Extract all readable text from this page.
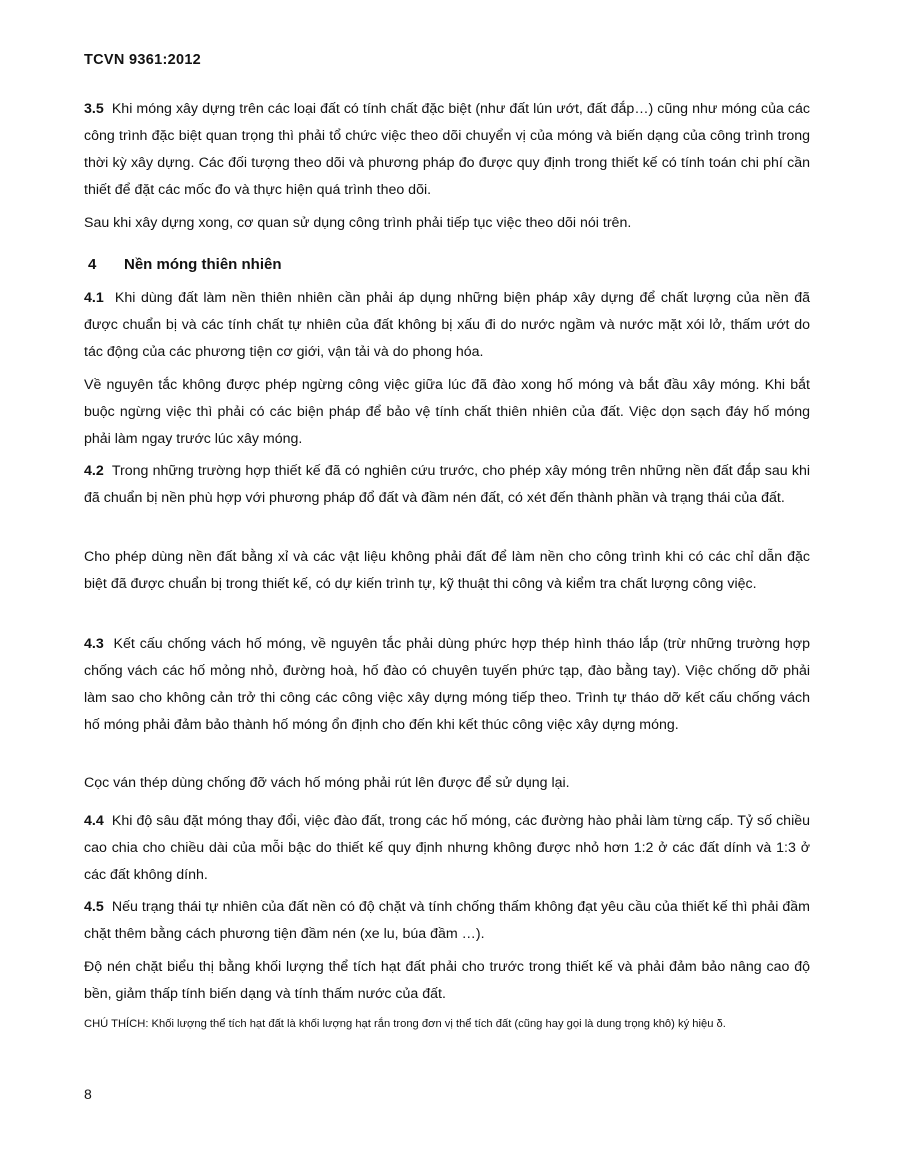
TCVN 9361:2012
3.5 Khi móng xây dựng trên các loại đất có tính chất đặc biệt (như đất lún ướt, đất đắp…) cũng như móng của các công trình đặc biệt quan trọng thì phải tổ chức việc theo dõi chuyển vị của móng và biến dạng của công trình trong thời kỳ xây dựng. Các đối tượng theo dõi và phương pháp đo được quy định trong thiết kế có tính toán chi phí cần thiết để đặt các mốc đo và thực hiện quá trình theo dõi.
Sau khi xây dựng xong, cơ quan sử dụng công trình phải tiếp tục việc theo dõi nói trên.
4 Nền móng thiên nhiên
4.1 Khi dùng đất làm nền thiên nhiên cần phải áp dụng những biện pháp xây dựng để chất lượng của nền đã được chuẩn bị và các tính chất tự nhiên của đất không bị xấu đi do nước ngầm và nước mặt xói lở, thấm ướt do tác động của các phương tiện cơ giới, vận tải và do phong hóa.
Về nguyên tắc không được phép ngừng công việc giữa lúc đã đào xong hố móng và bắt đầu xây móng. Khi bắt buộc ngừng việc thì phải có các biện pháp để bảo vệ tính chất thiên nhiên của đất. Việc dọn sạch đáy hố móng phải làm ngay trước lúc xây móng.
4.2 Trong những trường hợp thiết kế đã có nghiên cứu trước, cho phép xây móng trên những nền đất đắp sau khi đã chuẩn bị nền phù hợp với phương pháp đổ đất và đầm nén đất, có xét đến thành phần và trạng thái của đất.
Cho phép dùng nền đất bằng xỉ và các vật liệu không phải đất để làm nền cho công trình khi có các chỉ dẫn đặc biệt đã được chuẩn bị trong thiết kế, có dự kiến trình tự, kỹ thuật thi công và kiểm tra chất lượng công việc.
4.3 Kết cấu chống vách hố móng, về nguyên tắc phải dùng phức hợp thép hình tháo lắp (trừ những trường hợp chống vách các hố mỏng nhỏ, đường hoà, hố đào có chuyên tuyến phức tạp, đào bằng tay). Việc chống dỡ phải làm sao cho không cản trở thi công các công việc xây dựng móng tiếp theo. Trình tự tháo dỡ kết cấu chống vách hố móng phải đảm bảo thành hố móng ổn định cho đến khi kết thúc công việc xây dựng móng.
Cọc ván thép dùng chống đỡ vách hố móng phải rút lên được để sử dụng lại.
4.4 Khi độ sâu đặt móng thay đổi, việc đào đất, trong các hố móng, các đường hào phải làm từng cấp. Tỷ số chiều cao chia cho chiều dài của mỗi bậc do thiết kế quy định nhưng không được nhỏ hơn 1:2 ở các đất dính và 1:3 ở các đất không dính.
4.5 Nếu trạng thái tự nhiên của đất nền có độ chặt và tính chống thấm không đạt yêu cầu của thiết kế thì phải đầm chặt thêm bằng cách phương tiện đầm nén (xe lu, búa đầm …).
Độ nén chặt biểu thị bằng khối lượng thể tích hạt đất phải cho trước trong thiết kế và phải đảm bảo nâng cao độ bền, giảm thấp tính biến dạng và tính thấm nước của đất.
CHÚ THÍCH: Khối lượng thể tích hạt đất là khối lượng hạt rắn trong đơn vị thể tích đất (cũng hay gọi là dung trọng khô) ký hiệu δ.
8
